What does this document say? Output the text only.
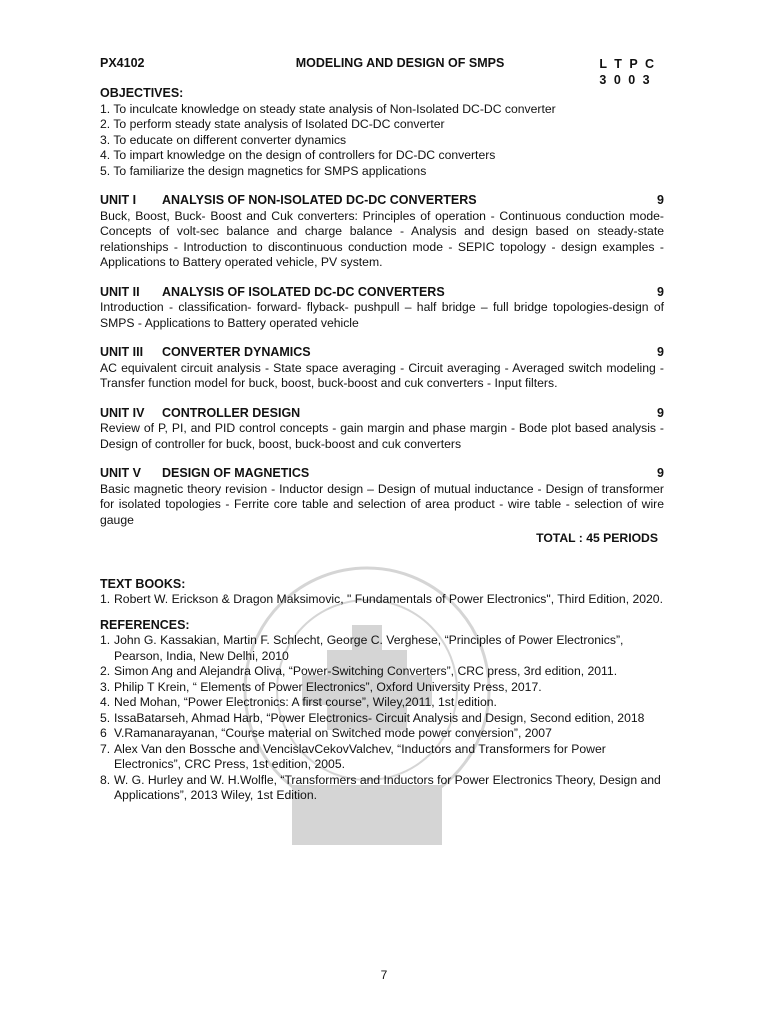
PX4102	MODELING AND DESIGN OF SMPS	L T P C
3 0 0 3
OBJECTIVES:
1. To inculcate knowledge on steady state analysis of Non-Isolated DC-DC converter
2. To perform steady state analysis of Isolated DC-DC converter
3. To educate on different converter dynamics
4. To impart knowledge on the design of controllers for DC-DC converters
5. To familiarize the design magnetics for SMPS applications
UNIT I	ANALYSIS OF NON-ISOLATED DC-DC CONVERTERS	9
Buck, Boost, Buck- Boost and Cuk converters: Principles of operation - Continuous conduction mode- Concepts of volt-sec balance and charge balance - Analysis and design based on steady-state relationships - Introduction to discontinuous conduction mode - SEPIC topology - design examples - Applications to Battery operated vehicle, PV system.
UNIT II	ANALYSIS OF ISOLATED DC-DC CONVERTERS	9
Introduction - classification- forward- flyback- pushpull – half bridge – full bridge topologies-design of SMPS - Applications to Battery operated vehicle
UNIT III	CONVERTER DYNAMICS	9
AC equivalent circuit analysis - State space averaging - Circuit averaging - Averaged switch modeling - Transfer function model for buck, boost, buck-boost and cuk converters - Input filters.
UNIT IV	CONTROLLER DESIGN	9
Review of P, PI, and PID control concepts - gain margin and phase margin - Bode plot based analysis - Design of controller for buck, boost, buck-boost and cuk converters
UNIT V	DESIGN OF MAGNETICS	9
Basic magnetic theory revision - Inductor design – Design of mutual inductance - Design of transformer for isolated topologies - Ferrite core table and selection of area product - wire table - selection of wire gauge
TOTAL : 45 PERIODS
TEXT BOOKS:
1. Robert W. Erickson & Dragon Maksimovic, " Fundamentals of Power Electronics", Third Edition, 2020.
REFERENCES:
1. John G. Kassakian, Martin F. Schlecht, George C. Verghese, “Principles of Power Electronics”, Pearson, India, New Delhi, 2010
2. Simon Ang and Alejandra Oliva, “Power-Switching Converters”, CRC press, 3rd edition, 2011.
3. Philip T Krein, “ Elements of Power Electronics”, Oxford University Press, 2017.
4. Ned Mohan, “Power Electronics: A first course”, Wiley,2011, 1st edition.
5. IssaBatarseh, Ahmad Harb, “Power Electronics- Circuit Analysis and Design, Second edition, 2018
6 V.Ramanarayanan, “Course material on Switched mode power conversion”, 2007
7. Alex Van den Bossche and VencislavCekovValchev, “Inductors and Transformers for Power Electronics”, CRC Press, 1st edition, 2005.
8. W. G. Hurley and W. H.Wolfle, “Transformers and Inductors for Power Electronics Theory, Design and Applications”, 2013 Wiley, 1st Edition.
7
